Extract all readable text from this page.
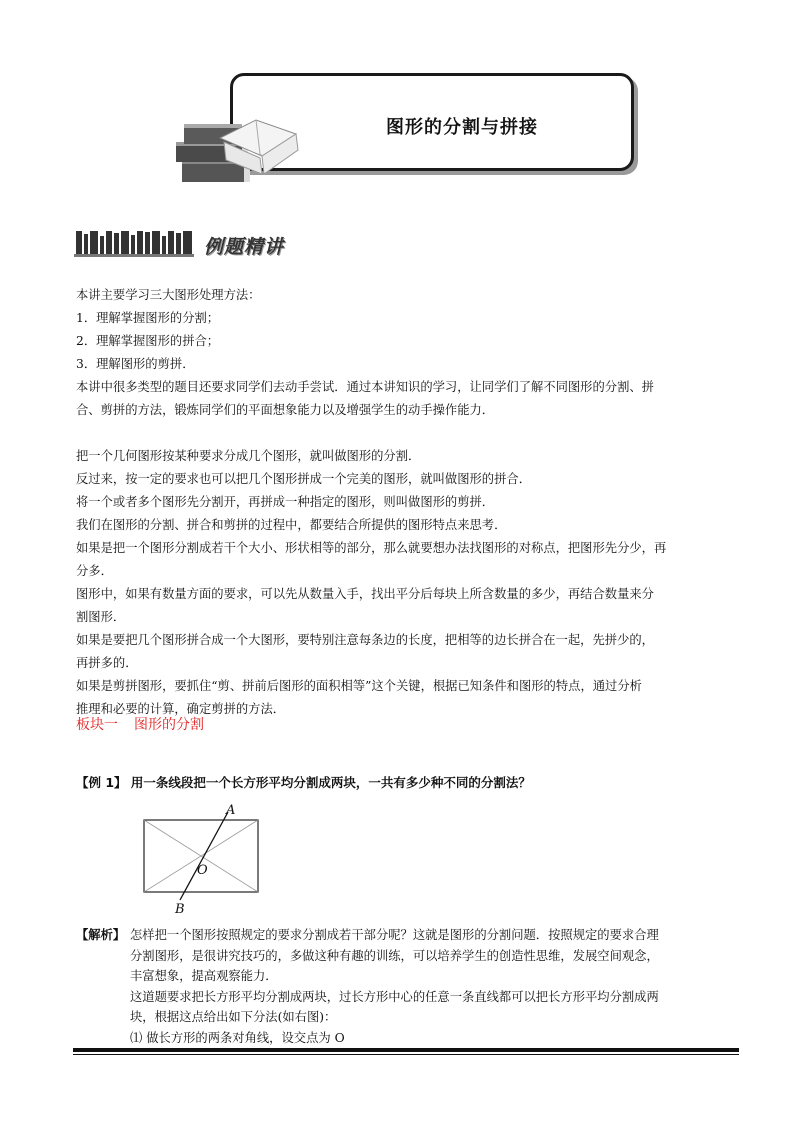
图形的分割与拼接
例题精讲
本讲主要学习三大图形处理方法：
1．理解掌握图形的分割；
2．理解掌握图形的拼合；
3．理解图形的剪拼．
本讲中很多类型的题目还要求同学们去动手尝试．通过本讲知识的学习，让同学们了解不同图形的分割、拼
合、剪拼的方法，锻炼同学们的平面想象能力以及增强学生的动手操作能力．
把一个几何图形按某种要求分成几个图形，就叫做图形的分割．
反过来，按一定的要求也可以把几个图形拼成一个完美的图形，就叫做图形的拼合．
将一个或者多个图形先分割开，再拼成一种指定的图形，则叫做图形的剪拼．
我们在图形的分割、拼合和剪拼的过程中，都要结合所提供的图形特点来思考．
如果是把一个图形分割成若干个大小、形状相等的部分，那么就要想办法找图形的对称点，把图形先分少，再
分多．
图形中，如果有数量方面的要求，可以先从数量入手，找出平分后每块上所含数量的多少，再结合数量来分
割图形．
如果是要把几个图形拼合成一个大图形，要特别注意每条边的长度，把相等的边长拼合在一起，先拼少的，
再拼多的．
如果是剪拼图形，要抓住“剪、拼前后图形的面积相等”这个关键，根据已知条件和图形的特点，通过分析
推理和必要的计算，确定剪拼的方法．
板块一 图形的分割
【例 1】 用一条线段把一个长方形平均分割成两块，一共有多少种不同的分割法？
A
O
B
【解析】 怎样把一个图形按照规定的要求分割成若干部分呢？这就是图形的分割问题．按照规定的要求合理
分割图形，是很讲究技巧的，多做这种有趣的训练，可以培养学生的创造性思维，发展空间观念，
丰富想象，提高观察能力．
这道题要求把长方形平均分割成两块，过长方形中心的任意一条直线都可以把长方形平均分割成两
块，根据这点给出如下分法(如右图)：
⑴ 做长方形的两条对角线，设交点为 O
